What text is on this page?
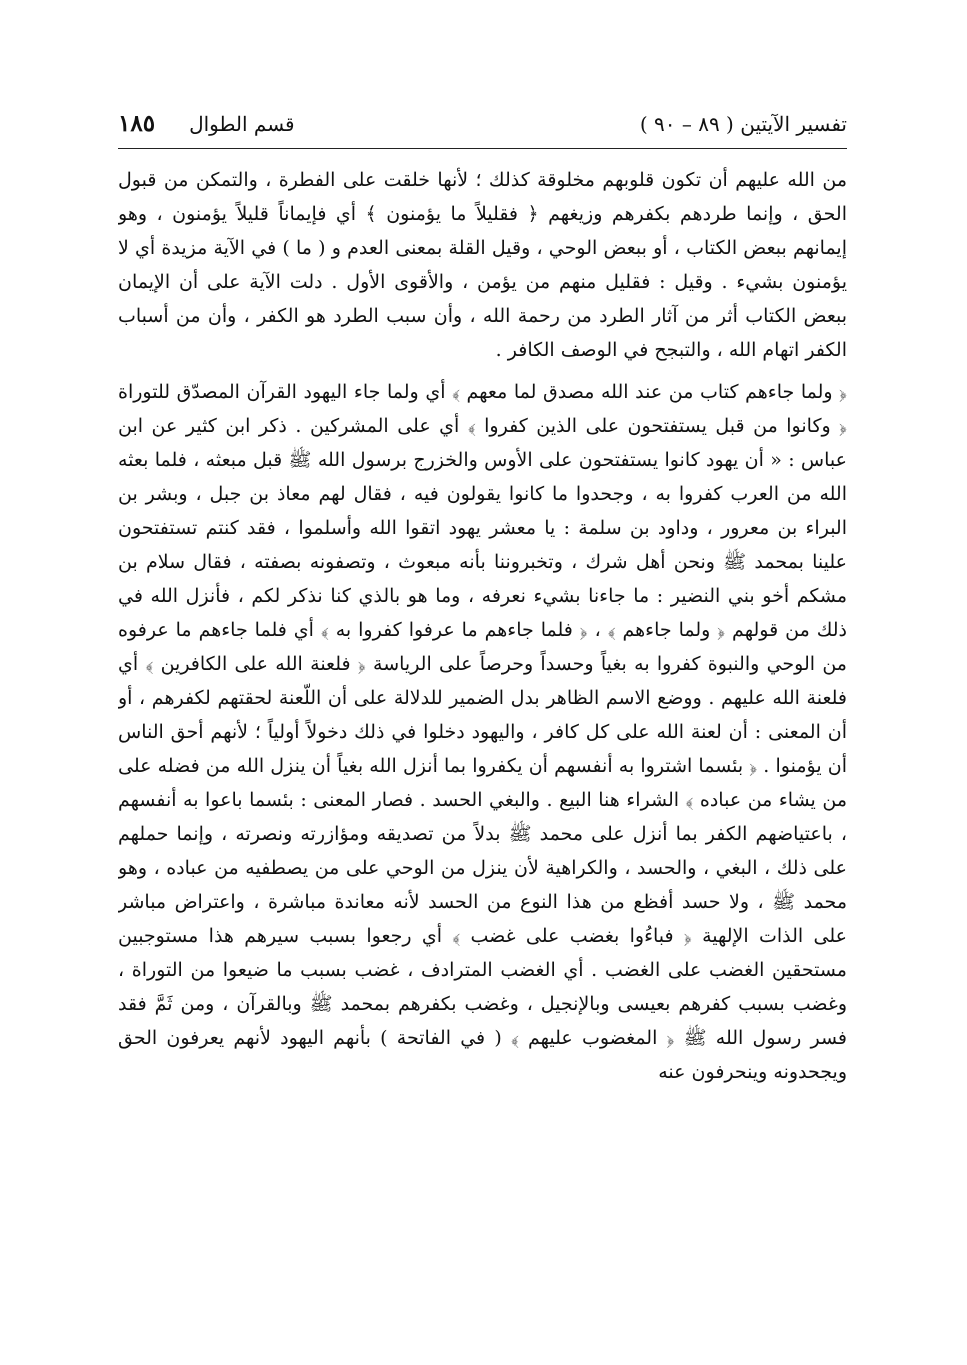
تفسير الآيتين ( ٨٩ – ٩٠ )
قسم الطوال
١٨٥

من الله عليهم أن تكون قلوبهم مخلوقة كذلك ؛ لأنها خلقت على الفطرة ، والتمكن من قبول الحق ، وإنما طردهم بكفرهم وزيغهم ﴿ فقليلاً ما يؤمنون ﴾ أي فإيماناً قليلاً يؤمنون ، وهو إيمانهم ببعض الكتاب ، أو ببعض الوحي ، وقيل القلة بمعنى العدم و ( ما ) في الآية مزيدة أي لا يؤمنون بشيء . وقيل : فقليل منهم من يؤمن ، والأقوى الأول . دلت الآية على أن الإيمان ببعض الكتاب أثر من آثار الطرد من رحمة الله ، وأن سبب الطرد هو الكفر ، وأن من أسباب الكفر اتهام الله ، والتبجح في الوصف الكافر .

﴿ ولما جاءهم كتاب من عند الله مصدق لما معهم ﴾ أي ولما جاء اليهود القرآن المصدّق للتوراة ﴿ وكانوا من قبل يستفتحون على الذين كفروا ﴾ أي على المشركين . ذكر ابن كثير عن ابن عباس : « أن يهود كانوا يستفتحون على الأوس والخزرج برسول الله ﷺ قبل مبعثه ، فلما بعثه الله من العرب كفروا به ، وجحدوا ما كانوا يقولون فيه ، فقال لهم معاذ بن جبل ، وبشر بن البراء بن معرور ، وداود بن سلمة : يا معشر يهود اتقوا الله وأسلموا ، فقد كنتم تستفتحون علينا بمحمد ﷺ ونحن أهل شرك ، وتخبروننا بأنه مبعوث ، وتصفونه بصفته ، فقال سلام بن مشكم أخو بني النضير : ما جاءنا بشيء نعرفه ، وما هو بالذي كنا نذكر لكم ، فأنزل الله في ذلك من قولهم ﴿ ولما جاءهم ﴾ ، ﴿ فلما جاءهم ما عرفوا كفروا به ﴾ أي فلما جاءهم ما عرفوه من الوحي والنبوة كفروا به بغياً وحسداً وحرصاً على الرياسة ﴿ فلعنة الله على الكافرين ﴾ أي فلعنة الله عليهم . ووضع الاسم الظاهر بدل الضمير للدلالة على أن اللّعنة لحقتهم لكفرهم ، أو أن المعنى : أن لعنة الله على كل كافر ، واليهود دخلوا في ذلك دخولاً أولياً ؛ لأنهم أحق الناس أن يؤمنوا . ﴿ بئسما اشتروا به أنفسهم أن يكفروا بما أنزل الله بغياً أن ينزل الله من فضله على من يشاء من عباده ﴾ الشراء هنا البيع . والبغي الحسد . فصار المعنى : بئسما باعوا به أنفسهم ، باعتياضهم الكفر بما أنزل على محمد ﷺ بدلاً من تصديقه ومؤازرته ونصرته ، وإنما حملهم على ذلك ، البغي ، والحسد ، والكراهية لأن ينزل من الوحي على من يصطفيه من عباده ، وهو محمد ﷺ ، ولا حسد أفظع من هذا النوع من الحسد لأنه معاندة مباشرة ، واعتراض مباشر على الذات الإلهية ﴿ فباءُوا بغضب على غضب ﴾ أي رجعوا بسبب سيرهم هذا مستوجبين مستحقين الغضب على الغضب . أي الغضب المترادف ، غضب بسبب ما ضيعوا من التوراة ، وغضب بسبب كفرهم بعيسى وبالإنجيل ، وغضب بكفرهم بمحمد ﷺ وبالقرآن ، ومن ثَمَّ فقد فسر رسول الله ﷺ ﴿ المغضوب عليهم ﴾ ( في الفاتحة ) بأنهم اليهود لأنهم يعرفون الحق ويجحدونه وينحرفون عنه
